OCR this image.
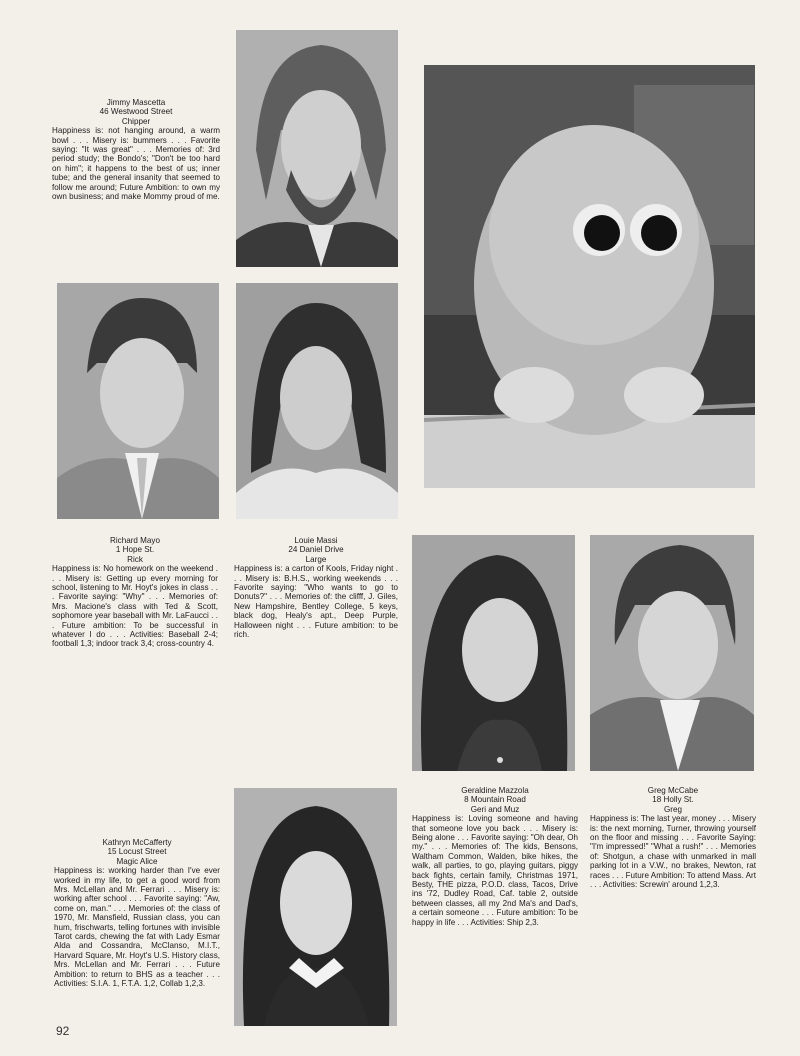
Jimmy Mascetta
46 Westwood Street
Chipper
Happiness is: not hanging around, a warm bowl . . . Misery is: bummers . . . Favorite saying: "It was great" . . . Memories of: 3rd period study; the Bondo's; "Don't be too hard on him"; it happens to the best of us; inner tube; and the general insanity that seemed to follow me around; Future Ambition: to own my own business; and make Mommy proud of me.
Richard Mayo
1 Hope St.
Rick
Happiness is: No homework on the weekend . . . Misery is: Getting up every morning for school, listening to Mr. Hoyt's jokes in class . . . Favorite saying: "Why" . . . Memories of: Mrs. Macione's class with Ted & Scott, sophomore year baseball with Mr. LaFaucci . . . Future ambition: To be successful in whatever I do . . . Activities: Baseball 2-4; football 1,3; indoor track 3,4; cross-country 4.
Louie Massi
24 Daniel Drive
Large
Happiness is: a carton of Kools, Friday night . . . Misery is: B.H.S., working weekends . . . Favorite saying: "Who wants to go to Donuts?" . . . Memories of: the clifff, J. Giles, New Hampshire, Bentley College, 5 keys, black dog, Healy's apt., Deep Purple, Halloween night . . . Future ambition: to be rich.
Geraldine Mazzola
8 Mountain Road
Geri and Muz
Happiness is: Loving someone and having that someone love you back . . . Misery is: Being alone . . . Favorite saying: "Oh dear, Oh my." . . . Memories of: The kids, Bensons, Waltham Common, Walden, bike hikes, the walk, all parties, to go, playing guitars, piggy back fights, certain family, Christmas 1971, Besty, THE pizza, P.O.D. class, Tacos, Drive ins '72, Dudley Road, Caf. table 2, outside between classes, all my 2nd Ma's and Dad's, a certain someone . . . Future ambition: To be happy in life . . . Activities: Ship 2,3.
Greg McCabe
18 Holly St.
Greg
Happiness is: The last year, money . . . Misery is: the next morning, Turner, throwing yourself on the floor and missing . . . Favorite Saying: "I'm impressed!" "What a rush!" . . . Memories of: Shotgun, a chase with unmarked in mall parking lot in a V.W., no brakes, Newton, rat races . . . Future Ambition: To attend Mass. Art . . . Activities: Screwin' around 1,2,3.
Kathryn McCafferty
15 Locust Street
Magic Alice
Happiness is: working harder than I've ever worked in my life, to get a good word from Mrs. McLellan and Mr. Ferrari . . . Misery is: working after school . . . Favorite saying: "Aw, come on, man." . . . Memories of: the class of 1970, Mr. Mansfield, Russian class, you can hum, frischwarts, telling fortunes with invisible Tarot cards, chewing the fat with Lady Esmar Alda and Cossandra, McClanso, M.I.T., Harvard Square, Mr. Hoyt's U.S. History class, Mrs. McLellan and Mr. Ferrari . . . Future Ambition: to return to BHS as a teacher . . . Activities: S.I.A. 1, F.T.A. 1,2, Collab 1,2,3.
92
